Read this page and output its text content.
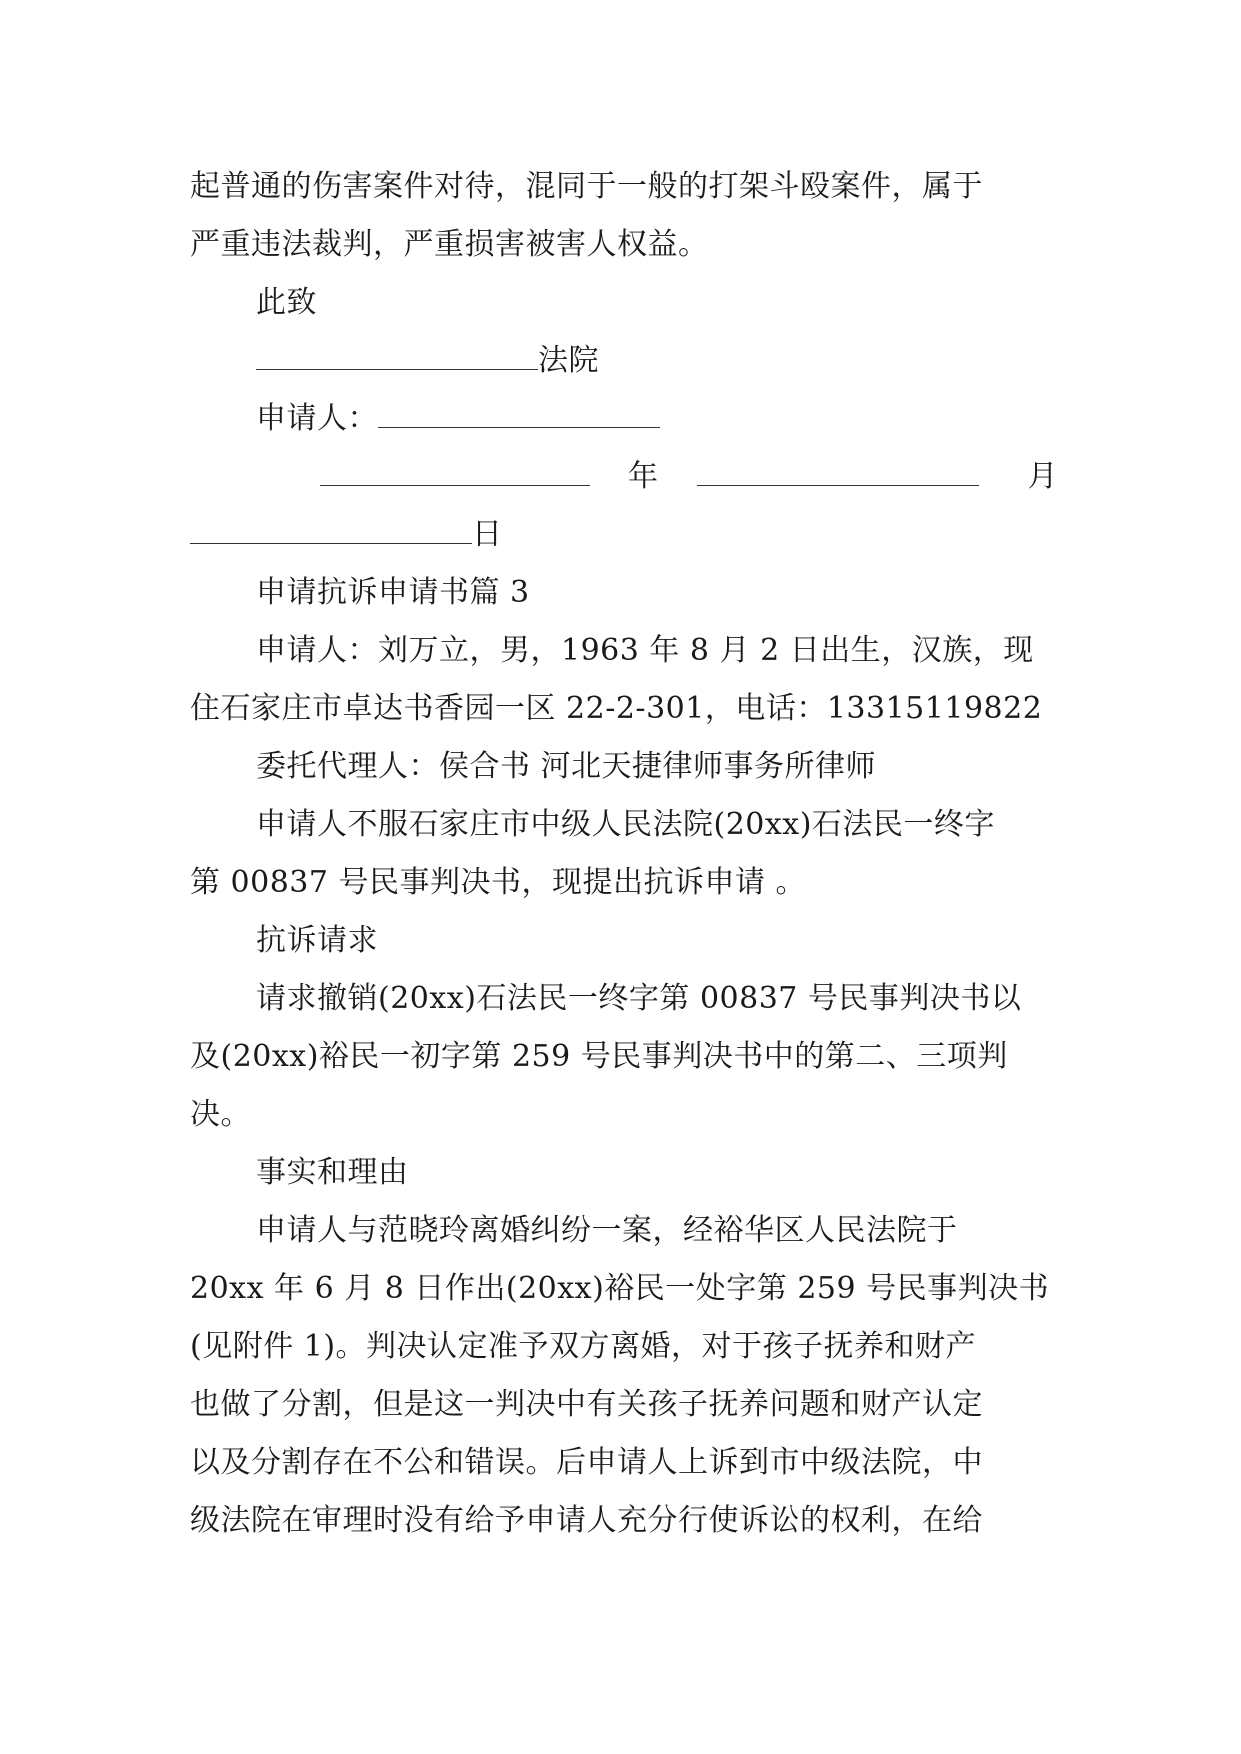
起普通的伤害案件对待，混同于一般的打架斗殴案件，属于
严重违法裁判，严重损害被害人权益。
此致
法院
申请人：
年	月
日
申请抗诉申请书篇 3
申请人：刘万立，男，1963 年 8 月 2 日出生，汉族，现
住石家庄市卓达书香园一区 22-2-301，电话：13315119822
委托代理人：侯合书 河北天捷律师事务所律师
申请人不服石家庄市中级人民法院(20xx)石法民一终字
第 00837 号民事判决书，现提出抗诉申请 。
抗诉请求
请求撤销(20xx)石法民一终字第 00837 号民事判决书以
及(20xx)裕民一初字第 259 号民事判决书中的第二、三项判
决。
事实和理由
申请人与范晓玲离婚纠纷一案，经裕华区人民法院于
20xx 年 6 月 8 日作出(20xx)裕民一处字第 259 号民事判决书
(见附件 1)。判决认定准予双方离婚，对于孩子抚养和财产
也做了分割，但是这一判决中有关孩子抚养问题和财产认定
以及分割存在不公和错误。后申请人上诉到市中级法院，中
级法院在审理时没有给予申请人充分行使诉讼的权利，在给
